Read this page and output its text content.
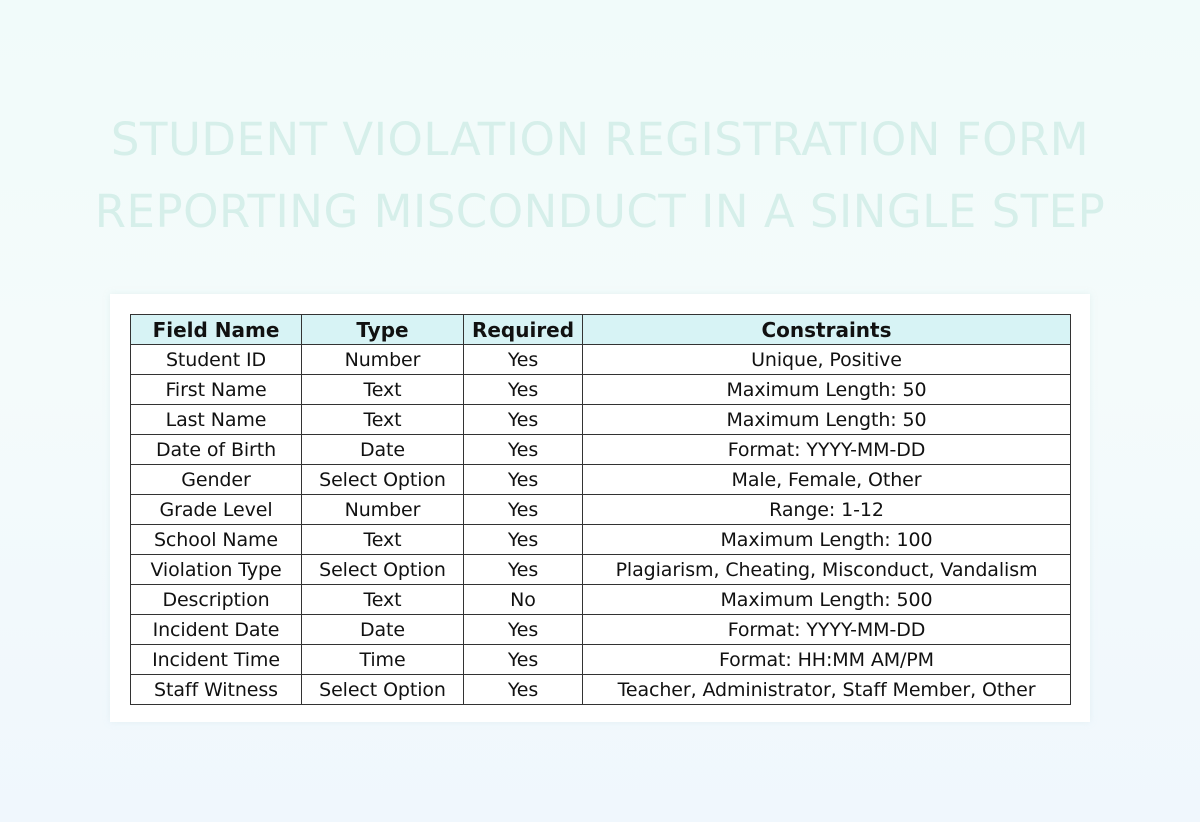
STUDENT VIOLATION REGISTRATION FORM
REPORTING MISCONDUCT IN A SINGLE STEP
Field Name	Type	Required	Constraints
Student ID	Number	Yes	Unique, Positive
First Name	Text	Yes	Maximum Length: 50
Last Name	Text	Yes	Maximum Length: 50
Date of Birth	Date	Yes	Format: YYYY-MM-DD
Gender	Select Option	Yes	Male, Female, Other
Grade Level	Number	Yes	Range: 1-12
School Name	Text	Yes	Maximum Length: 100
Violation Type	Select Option	Yes	Plagiarism, Cheating, Misconduct, Vandalism
Description	Text	No	Maximum Length: 500
Incident Date	Date	Yes	Format: YYYY-MM-DD
Incident Time	Time	Yes	Format: HH:MM AM/PM
Staff Witness	Select Option	Yes	Teacher, Administrator, Staff Member, Other
